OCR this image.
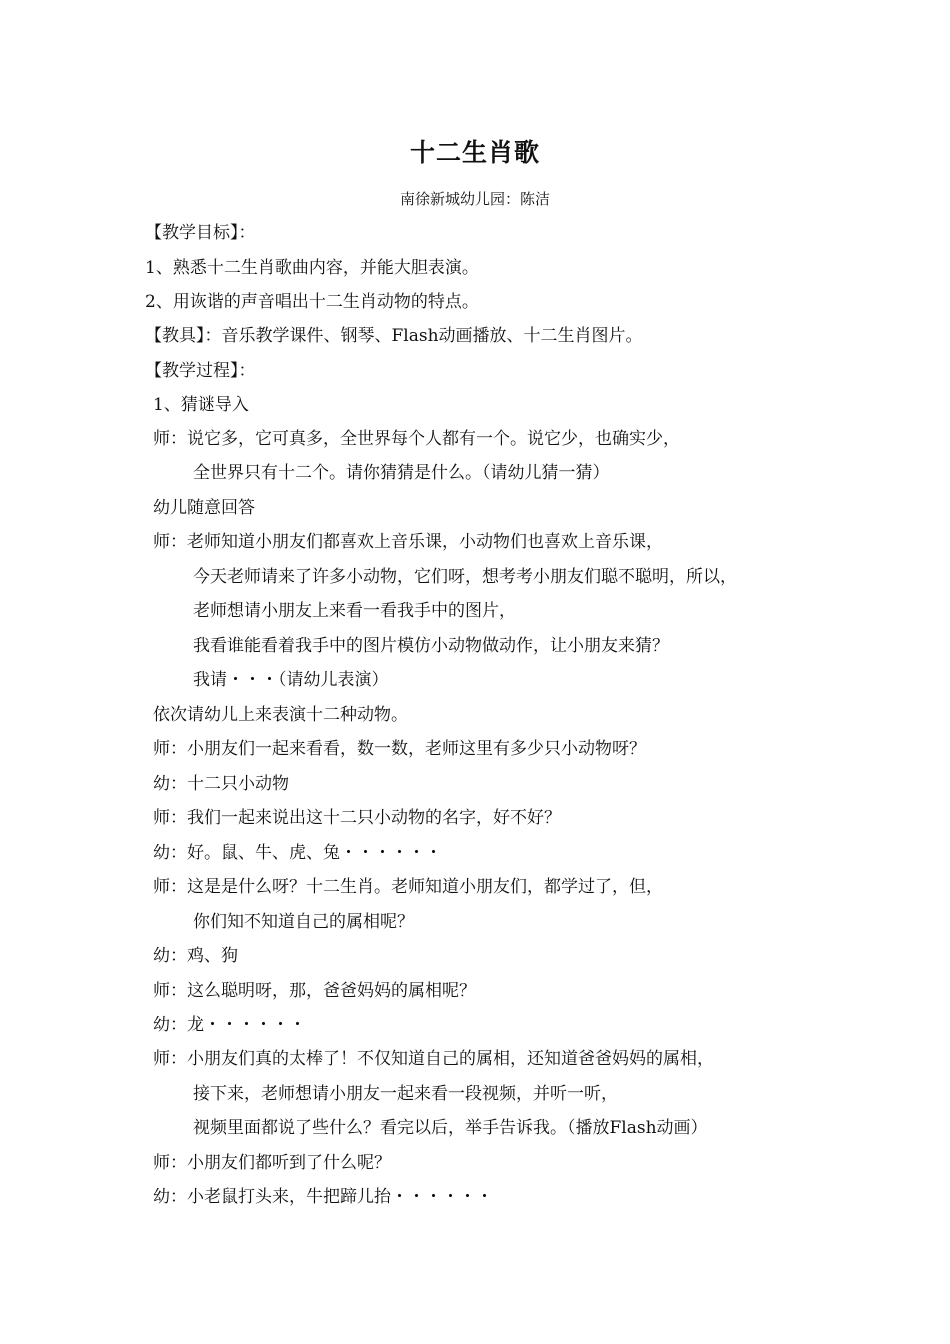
十二生肖歌
南徐新城幼儿园：陈洁
【教学目标】：
1、熟悉十二生肖歌曲内容，并能大胆表演。
2、用诙谐的声音唱出十二生肖动物的特点。
【教具】：音乐教学课件、钢琴、Flash动画播放、十二生肖图片。
【教学过程】：
1、猜谜导入
师： 说它多，它可真多，全世界每个人都有一个。说它少，也确实少，
全世界只有十二个。请你猜猜是什么。（请幼儿猜一猜）
幼儿随意回答
师： 老师知道小朋友们都喜欢上音乐课，小动物们也喜欢上音乐课，
今天老师请来了许多小动物，它们呀，想考考小朋友们聪不聪明，所以，
老师想请小朋友上来看一看我手中的图片，
我看谁能看着我手中的图片模仿小动物做动作，让小朋友来猜？
我请・・・（请幼儿表演）
依次请幼儿上来表演十二种动物。
师： 小朋友们一起来看看，数一数，老师这里有多少只小动物呀？
幼： 十二只小动物
师： 我们一起来说出这十二只小动物的名字，好不好？
幼： 好。鼠、牛、虎、兔・・・・・・
师： 这是是什么呀？十二生肖。老师知道小朋友们，都学过了，但，
你们知不知道自己的属相呢？
幼： 鸡、狗
师： 这么聪明呀，那，爸爸妈妈的属相呢？
幼： 龙・・・・・・
师： 小朋友们真的太棒了！不仅知道自己的属相，还知道爸爸妈妈的属相，
接下来，老师想请小朋友一起来看一段视频，并听一听，
视频里面都说了些什么？看完以后，举手告诉我。（播放Flash动画）
师： 小朋友们都听到了什么呢？
幼： 小老鼠打头来，牛把蹄儿抬・・・・・・
